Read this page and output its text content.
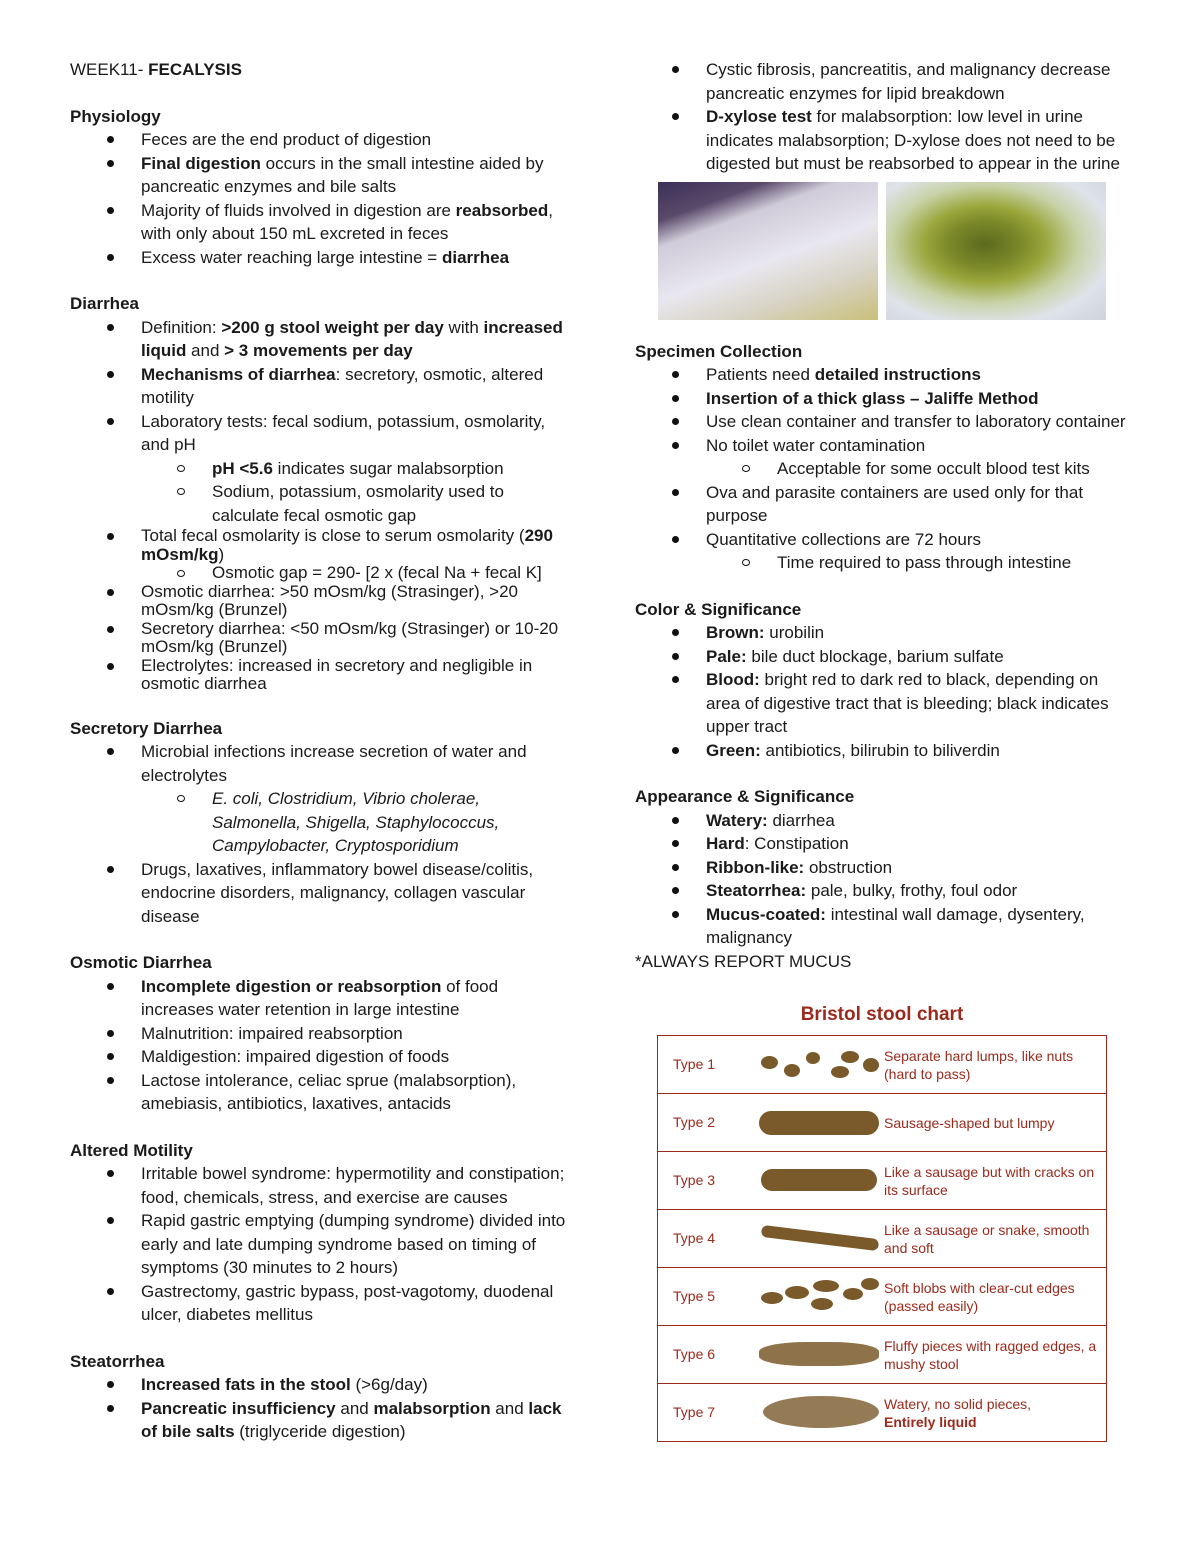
WEEK11- FECALYSIS

Physiology
Feces are the end product of digestion
Final digestion occurs in the small intestine aided by pancreatic enzymes and bile salts
Majority of fluids involved in digestion are reabsorbed, with only about 150 mL excreted in feces
Excess water reaching large intestine = diarrhea
Diarrhea
Definition: >200 g stool weight per day with increased liquid and > 3 movements per day
Mechanisms of diarrhea: secretory, osmotic, altered motility
Laboratory tests: fecal sodium, potassium, osmolarity, and pH
pH <5.6 indicates sugar malabsorption
Sodium, potassium, osmolarity used to calculate fecal osmotic gap
Total fecal osmolarity is close to serum osmolarity (290 mOsm/kg)
Osmotic gap = 290- [2 x (fecal Na + fecal K]
Osmotic diarrhea: >50 mOsm/kg (Strasinger), >20 mOsm/kg (Brunzel)
Secretory diarrhea: <50 mOsm/kg (Strasinger) or 10-20 mOsm/kg (Brunzel)
Electrolytes: increased in secretory and negligible in osmotic diarrhea
Secretory Diarrhea
Microbial infections increase secretion of water and electrolytes
E. coli, Clostridium, Vibrio cholerae, Salmonella, Shigella, Staphylococcus, Campylobacter, Cryptosporidium
Drugs, laxatives, inflammatory bowel disease/colitis, endocrine disorders, malignancy, collagen vascular disease
Osmotic Diarrhea
Incomplete digestion or reabsorption of food increases water retention in large intestine
Malnutrition: impaired reabsorption
Maldigestion: impaired digestion of foods
Lactose intolerance, celiac sprue (malabsorption), amebiasis, antibiotics, laxatives, antacids
Altered Motility
Irritable bowel syndrome: hypermotility and constipation; food, chemicals, stress, and exercise are causes
Rapid gastric emptying (dumping syndrome) divided into early and late dumping syndrome based on timing of symptoms (30 minutes to 2 hours)
Gastrectomy, gastric bypass, post-vagotomy, duodenal ulcer, diabetes mellitus
Steatorrhea
Increased fats in the stool (>6g/day)
Pancreatic insufficiency and malabsorption and lack of bile salts (triglyceride digestion)
Cystic fibrosis, pancreatitis, and malignancy decrease pancreatic enzymes for lipid breakdown
D-xylose test for malabsorption: low level in urine indicates malabsorption; D-xylose does not need to be digested but must be reabsorbed to appear in the urine
Specimen Collection
Patients need detailed instructions
Insertion of a thick glass – Jaliffe Method
Use clean container and transfer to laboratory container
No toilet water contamination
Acceptable for some occult blood test kits
Ova and parasite containers are used only for that purpose
Quantitative collections are 72 hours
Time required to pass through intestine
Color & Significance
Brown: urobilin
Pale: bile duct blockage, barium sulfate
Blood: bright red to dark red to black, depending on area of digestive tract that is bleeding; black indicates upper tract
Green: antibiotics, bilirubin to biliverdin
Appearance & Significance
Watery: diarrhea
Hard: Constipation
Ribbon-like: obstruction
Steatorrhea: pale, bulky, frothy, foul odor
Mucus-coated: intestinal wall damage, dysentery, malignancy

*ALWAYS REPORT MUCUS

Bristol stool chart
Type 1
Separate hard lumps, like nuts (hard to pass)
Type 2	Sausage-shaped but lumpy
Type 3
Like a sausage but with cracks on its surface
Type 4
Like a sausage or snake, smooth and soft
Type 5
Soft blobs with clear-cut edges (passed easily)
Type 6
Fluffy pieces with ragged edges, a mushy stool
Type 7
Watery, no solid pieces,
Entirely liquid
